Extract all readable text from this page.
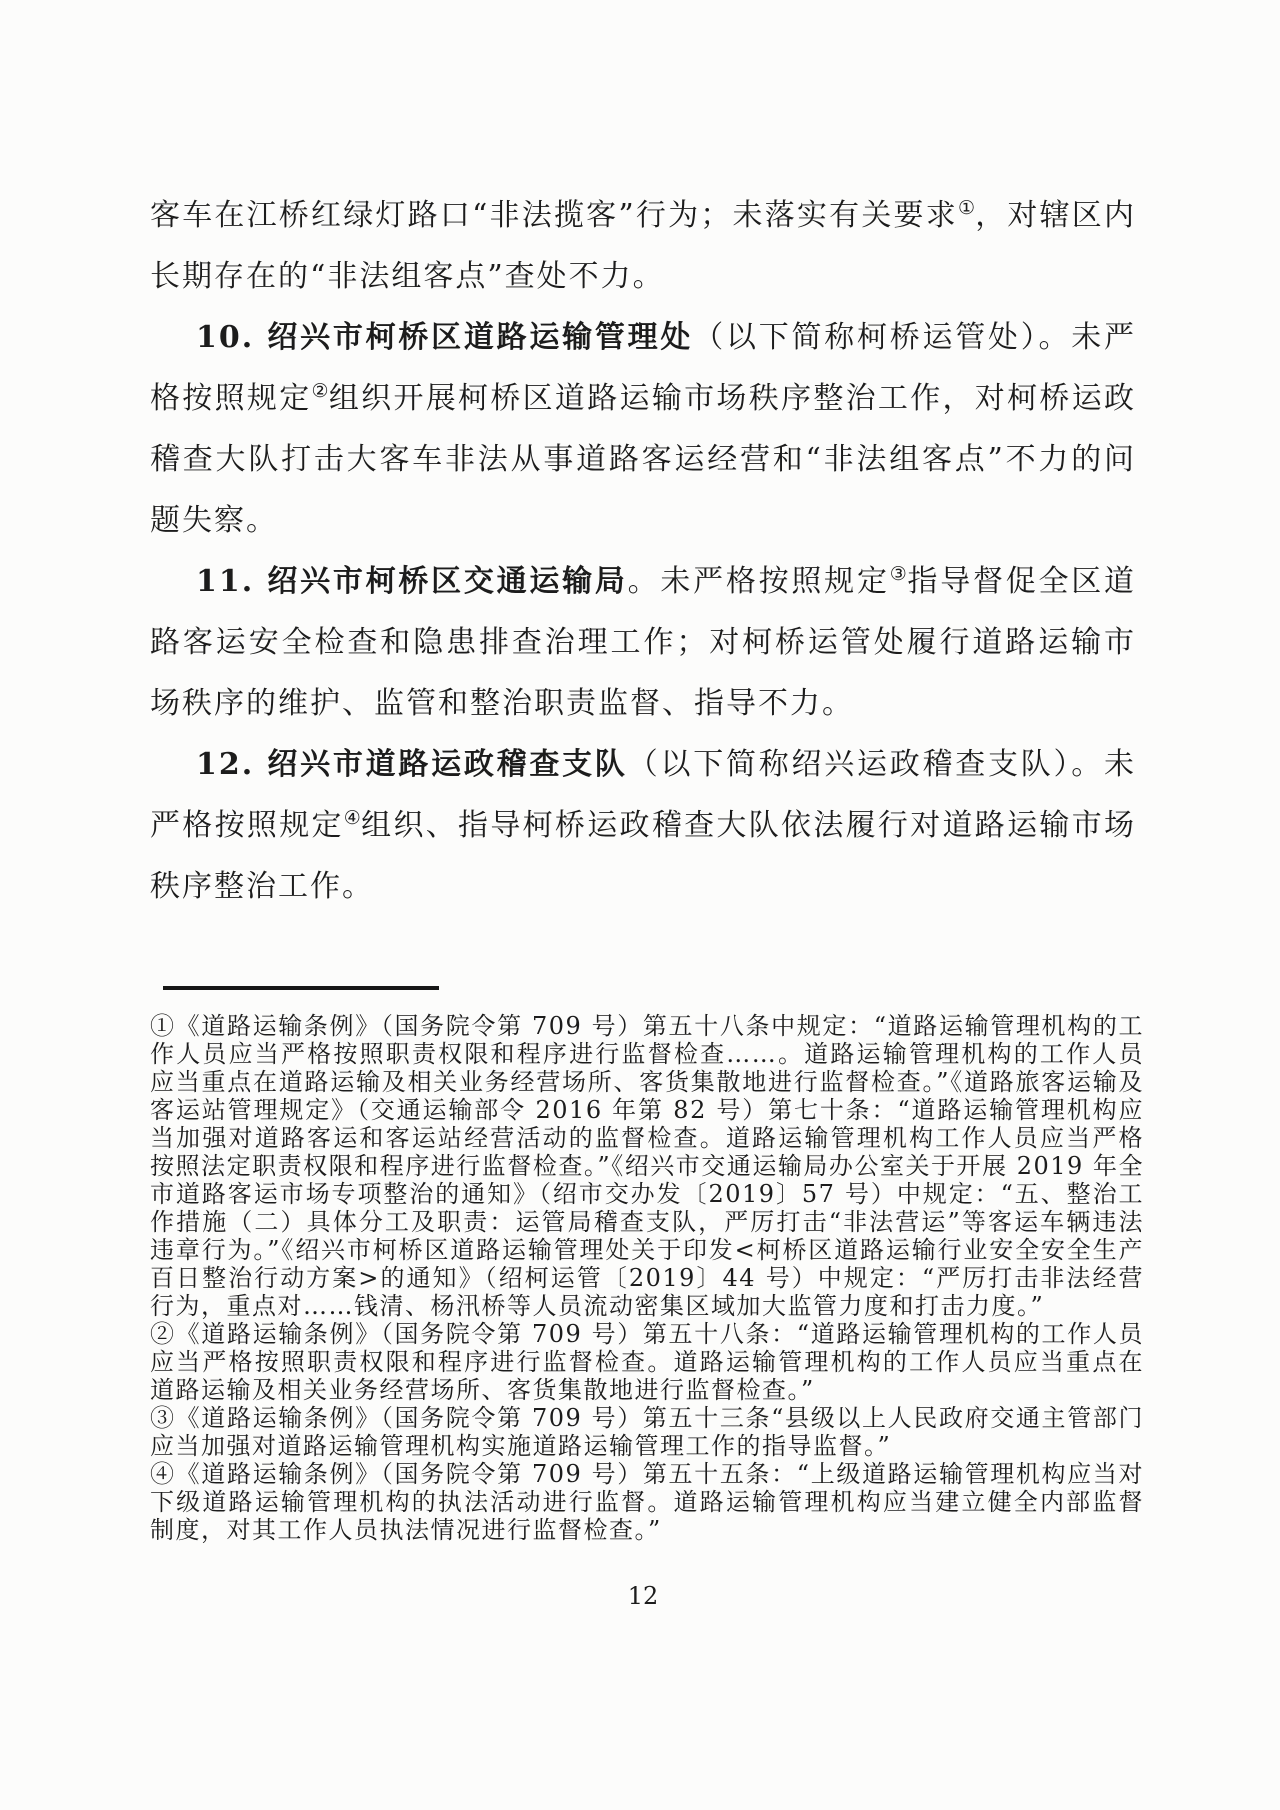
客车在江桥红绿灯路口“非法揽客”行为；未落实有关要求①，对辖区内长期存在的“非法组客点”查处不力。

10. 绍兴市柯桥区道路运输管理处（以下简称柯桥运管处）。未严格按照规定②组织开展柯桥区道路运输市场秩序整治工作，对柯桥运政稽查大队打击大客车非法从事道路客运经营和“非法组客点”不力的问题失察。

11. 绍兴市柯桥区交通运输局。未严格按照规定③指导督促全区道路客运安全检查和隐患排查治理工作；对柯桥运管处履行道路运输市场秩序的维护、监管和整治职责监督、指导不力。

12. 绍兴市道路运政稽查支队（以下简称绍兴运政稽查支队）。未严格按照规定④组织、指导柯桥运政稽查大队依法履行对道路运输市场秩序整治工作。

①《道路运输条例》（国务院令第 709 号）第五十八条中规定：“道路运输管理机构的工作人员应当严格按照职责权限和程序进行监督检查……。道路运输管理机构的工作人员应当重点在道路运输及相关业务经营场所、客货集散地进行监督检查。”《道路旅客运输及客运站管理规定》（交通运输部令 2016 年第 82 号）第七十条：“道路运输管理机构应当加强对道路客运和客运站经营活动的监督检查。道路运输管理机构工作人员应当严格按照法定职责权限和程序进行监督检查。”《绍兴市交通运输局办公室关于开展 2019 年全市道路客运市场专项整治的通知》（绍市交办发〔2019〕57 号）中规定：“五、整治工作措施（二）具体分工及职责：运管局稽查支队，严厉打击“非法营运”等客运车辆违法违章行为。”《绍兴市柯桥区道路运输管理处关于印发<柯桥区道路运输行业安全安全生产百日整治行动方案>的通知》（绍柯运管〔2019〕44 号）中规定：“严厉打击非法经营行为，重点对……钱清、杨汛桥等人员流动密集区域加大监管力度和打击力度。”
②《道路运输条例》（国务院令第 709 号）第五十八条：“道路运输管理机构的工作人员应当严格按照职责权限和程序进行监督检查。道路运输管理机构的工作人员应当重点在道路运输及相关业务经营场所、客货集散地进行监督检查。”
③《道路运输条例》（国务院令第 709 号）第五十三条“县级以上人民政府交通主管部门应当加强对道路运输管理机构实施道路运输管理工作的指导监督。”
④《道路运输条例》（国务院令第 709 号）第五十五条：“上级道路运输管理机构应当对下级道路运输管理机构的执法活动进行监督。道路运输管理机构应当建立健全内部监督制度，对其工作人员执法情况进行监督检查。”
12
